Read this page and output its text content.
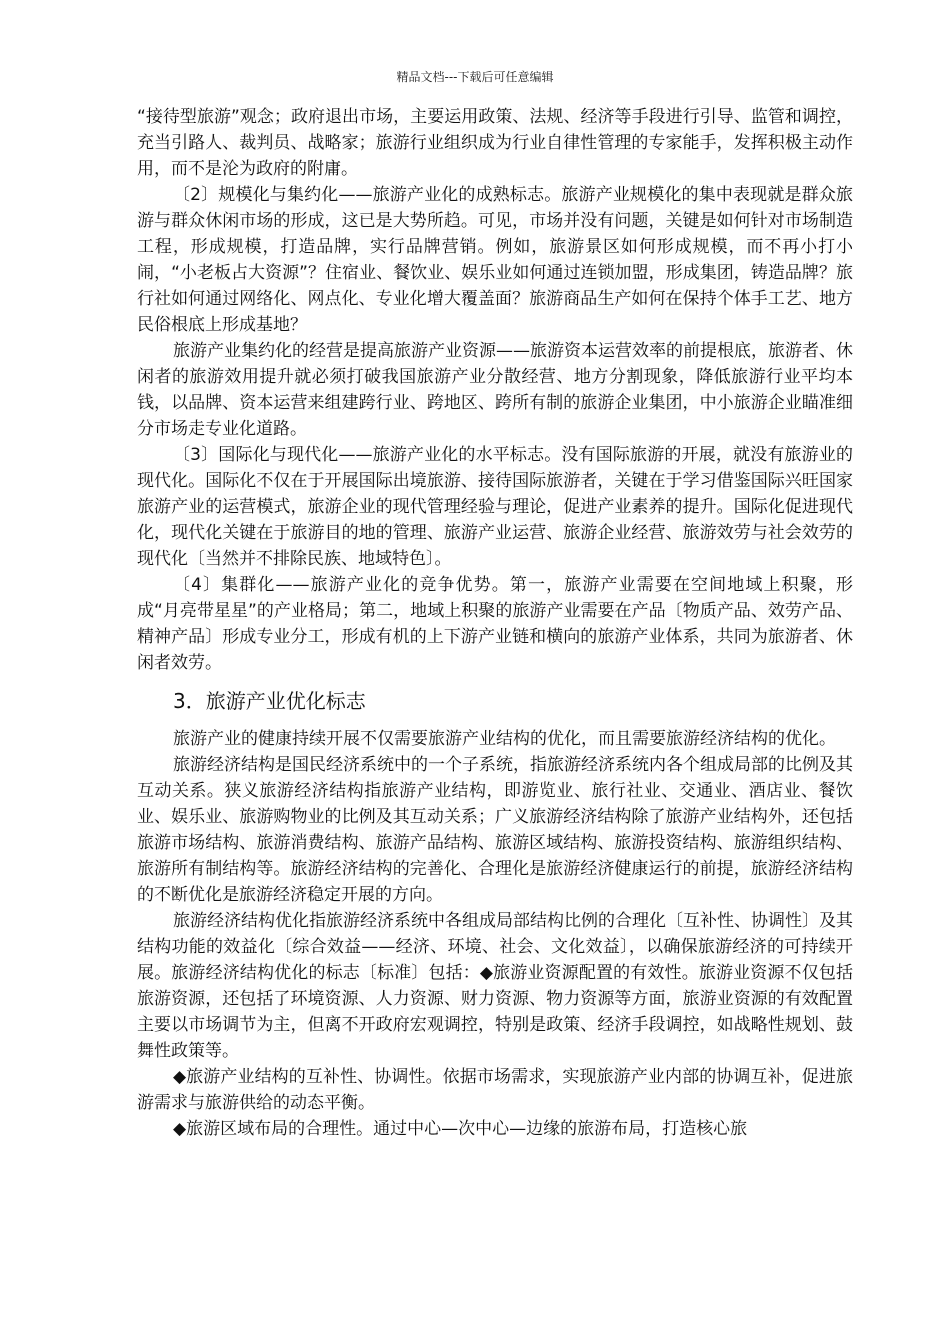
精品文档---下载后可任意编辑

“接待型旅游”观念；政府退出市场，主要运用政策、法规、经济等手段进行引导、监管和调控，充当引路人、裁判员、战略家；旅游行业组织成为行业自律性管理的专家能手，发挥积极主动作用，而不是沦为政府的附庸。

〔2〕规模化与集约化——旅游产业化的成熟标志。旅游产业规模化的集中表现就是群众旅游与群众休闲市场的形成，这已是大势所趋。可见，市场并没有问题，关键是如何针对市场制造工程，形成规模，打造品牌，实行品牌营销。例如，旅游景区如何形成规模，而不再小打小闹，“小老板占大资源”？住宿业、餐饮业、娱乐业如何通过连锁加盟，形成集团，铸造品牌？旅行社如何通过网络化、网点化、专业化增大覆盖面？旅游商品生产如何在保持个体手工艺、地方民俗根底上形成基地？

旅游产业集约化的经营是提高旅游产业资源——旅游资本运营效率的前提根底，旅游者、休闲者的旅游效用提升就必须打破我国旅游产业分散经营、地方分割现象，降低旅游行业平均本钱，以品牌、资本运营来组建跨行业、跨地区、跨所有制的旅游企业集团，中小旅游企业瞄准细分市场走专业化道路。

〔3〕国际化与现代化——旅游产业化的水平标志。没有国际旅游的开展，就没有旅游业的现代化。国际化不仅在于开展国际出境旅游、接待国际旅游者，关键在于学习借鉴国际兴旺国家旅游产业的运营模式，旅游企业的现代管理经验与理论，促进产业素养的提升。国际化促进现代化，现代化关键在于旅游目的地的管理、旅游产业运营、旅游企业经营、旅游效劳与社会效劳的现代化〔当然并不排除民族、地域特色〕。

〔4〕集群化——旅游产业化的竞争优势。第一，旅游产业需要在空间地域上积聚，形成“月亮带星星”的产业格局；第二，地域上积聚的旅游产业需要在产品〔物质产品、效劳产品、精神产品〕形成专业分工，形成有机的上下游产业链和横向的旅游产业体系，共同为旅游者、休闲者效劳。

3．旅游产业优化标志

旅游产业的健康持续开展不仅需要旅游产业结构的优化，而且需要旅游经济结构的优化。

旅游经济结构是国民经济系统中的一个子系统，指旅游经济系统内各个组成局部的比例及其互动关系。狭义旅游经济结构指旅游产业结构，即游览业、旅行社业、交通业、酒店业、餐饮业、娱乐业、旅游购物业的比例及其互动关系；广义旅游经济结构除了旅游产业结构外，还包括旅游市场结构、旅游消费结构、旅游产品结构、旅游区域结构、旅游投资结构、旅游组织结构、旅游所有制结构等。旅游经济结构的完善化、合理化是旅游经济健康运行的前提，旅游经济结构的不断优化是旅游经济稳定开展的方向。

旅游经济结构优化指旅游经济系统中各组成局部结构比例的合理化〔互补性、协调性〕及其结构功能的效益化〔综合效益——经济、环境、社会、文化效益〕，以确保旅游经济的可持续开展。旅游经济结构优化的标志〔标准〕包括：◆旅游业资源配置的有效性。旅游业资源不仅包括旅游资源，还包括了环境资源、人力资源、财力资源、物力资源等方面，旅游业资源的有效配置主要以市场调节为主，但离不开政府宏观调控，特别是政策、经济手段调控，如战略性规划、鼓舞性政策等。

◆旅游产业结构的互补性、协调性。依据市场需求，实现旅游产业内部的协调互补，促进旅游需求与旅游供给的动态平衡。

◆旅游区域布局的合理性。通过中心—次中心—边缘的旅游布局，打造核心旅
